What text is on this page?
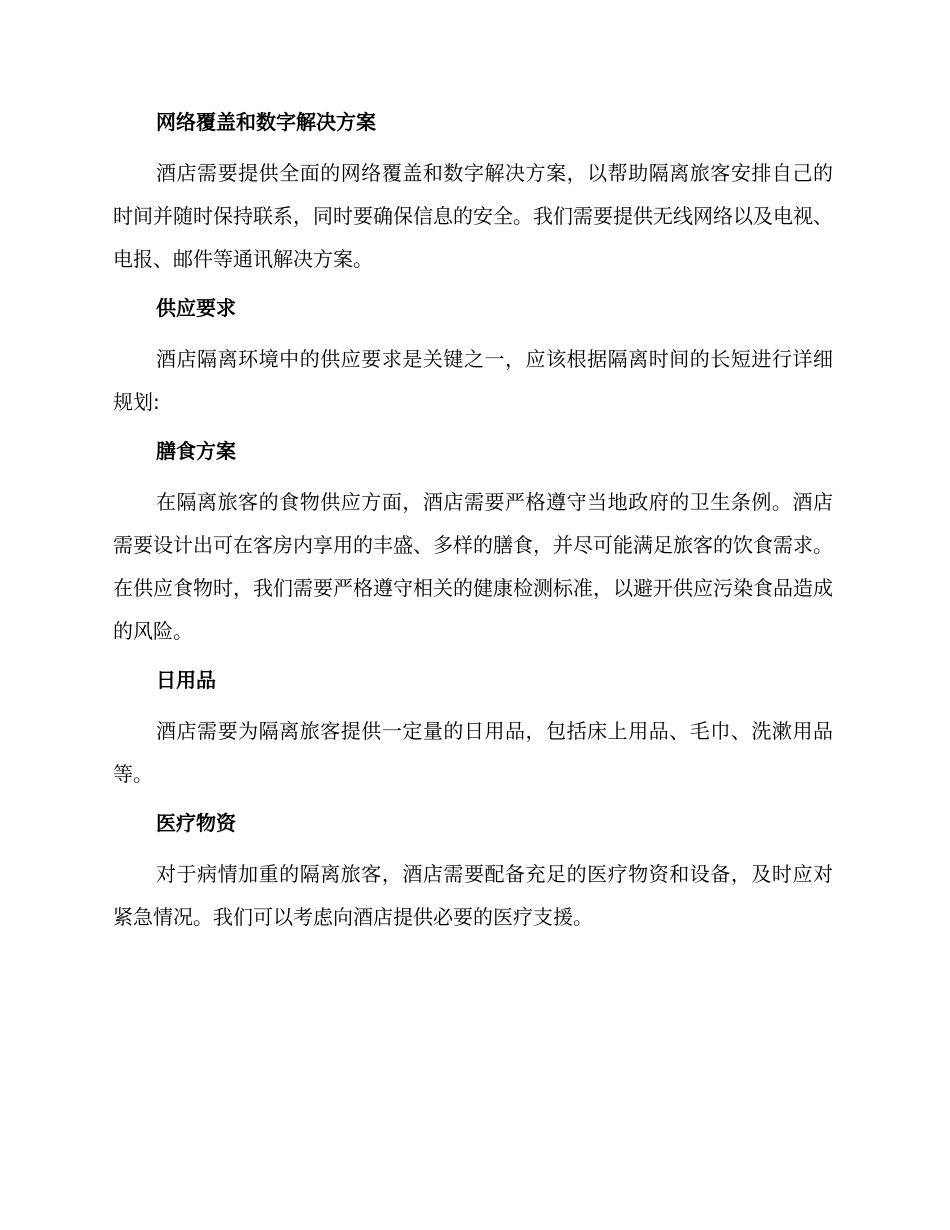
网络覆盖和数字解决方案

酒店需要提供全面的网络覆盖和数字解决方案，以帮助隔离旅客安排自己的时间并随时保持联系，同时要确保信息的安全。我们需要提供无线网络以及电视、电报、邮件等通讯解决方案。

供应要求

酒店隔离环境中的供应要求是关键之一，应该根据隔离时间的长短进行详细规划:

膳食方案

在隔离旅客的食物供应方面，酒店需要严格遵守当地政府的卫生条例。酒店需要设计出可在客房内享用的丰盛、多样的膳食，并尽可能满足旅客的饮食需求。在供应食物时，我们需要严格遵守相关的健康检测标准，以避开供应污染食品造成的风险。

日用品

酒店需要为隔离旅客提供一定量的日用品，包括床上用品、毛巾、洗漱用品等。

医疗物资

对于病情加重的隔离旅客，酒店需要配备充足的医疗物资和设备，及时应对紧急情况。我们可以考虑向酒店提供必要的医疗支援。
